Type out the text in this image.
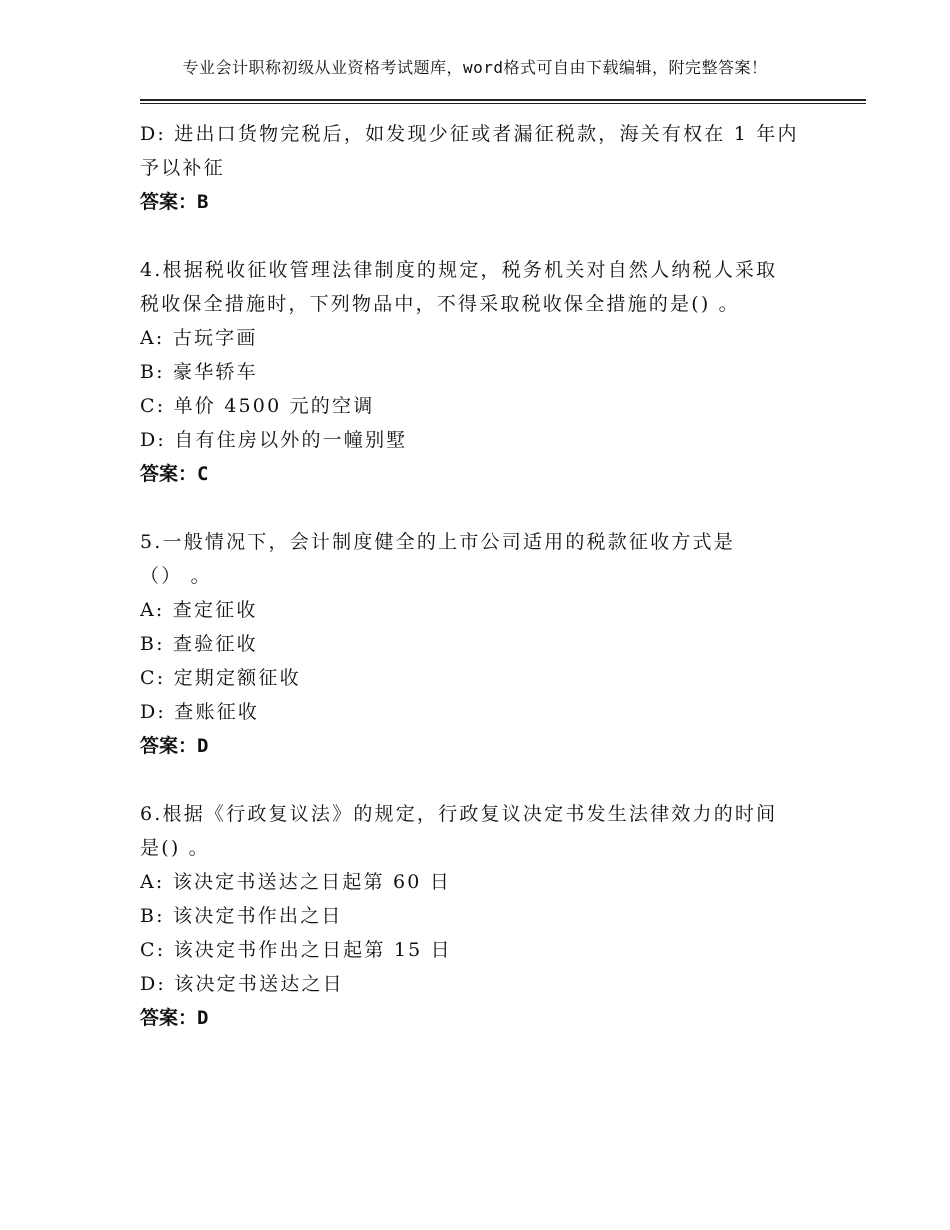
专业会计职称初级从业资格考试题库，word格式可自由下载编辑，附完整答案！
D: 进出口货物完税后，如发现少征或者漏征税款，海关有权在 1 年内
予以补征
答案：B
4.根据税收征收管理法律制度的规定，税务机关对自然人纳税人采取
税收保全措施时，下列物品中，不得采取税收保全措施的是() 。
A: 古玩字画
B: 豪华轿车
C: 单价 4500 元的空调
D: 自有住房以外的一幢别墅
答案：C
5.一般情况下，会计制度健全的上市公司适用的税款征收方式是
（） 。
A: 查定征收
B: 查验征收
C: 定期定额征收
D: 查账征收
答案：D
6.根据《行政复议法》的规定，行政复议决定书发生法律效力的时间
是() 。
A: 该决定书送达之日起第 60 日
B: 该决定书作出之日
C: 该决定书作出之日起第 15 日
D: 该决定书送达之日
答案：D
